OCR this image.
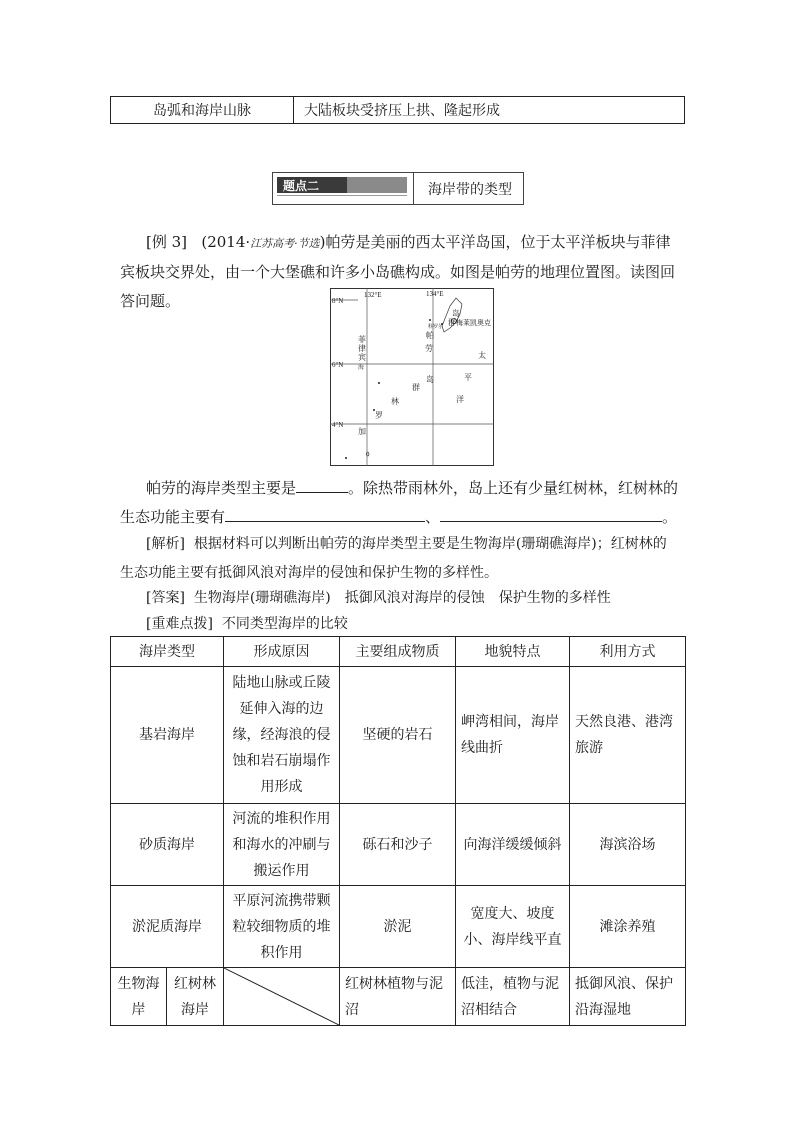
岛弧和海岸山脉	大陆板块受挤压上拱、隆起形成
题点二	海岸带的类型
[例 3] (2014·江苏高考·节选)帕劳是美丽的西太平洋岛国，位于太平洋板块与菲律宾板块交界处，由一个大堡礁和许多小岛礁构成。如图是帕劳的地理位置图。读图回答问题。	132°E	134°E
8°N
6°N
4°N
菲
律
宾
海
帕
劳
岛
群
科罗尔
梅莱凯奥克
太
平
洋
岛
群
林
罗
加
帕劳的海岸类型主要是	。除热带雨林外，岛上还有少量红树林，红树林的生态功能主要有	、	。
[解析] 根据材料可以判断出帕劳的海岸类型主要是生物海岸(珊瑚礁海岸)；红树林的生态功能主要有抵御风浪对海岸的侵蚀和保护生物的多样性。
[答案] 生物海岸(珊瑚礁海岸)　抵御风浪对海岸的侵蚀　保护生物的多样性
[重难点拨] 不同类型海岸的比较
海岸类型		形成原因	主要组成物质	地貌特点	利用方式
基岩海岸		陆地山脉或丘陵延伸入海的边缘，经海浪的侵蚀和岩石崩塌作用形成	坚硬的岩石	岬湾相间，海岸线曲折	天然良港、港湾旅游
砂质海岸		河流的堆积作用和海水的冲刷与搬运作用	砾石和沙子	向海洋缓缓倾斜	海滨浴场
淤泥质海岸		平原河流携带颗粒较细物质的堆积作用	淤泥	宽度大、坡度小、海岸线平直	滩涂养殖
生物海岸	红树林海岸		红树林植物与泥沼	低洼，植物与泥沼相结合	抵御风浪、保护沿海湿地
